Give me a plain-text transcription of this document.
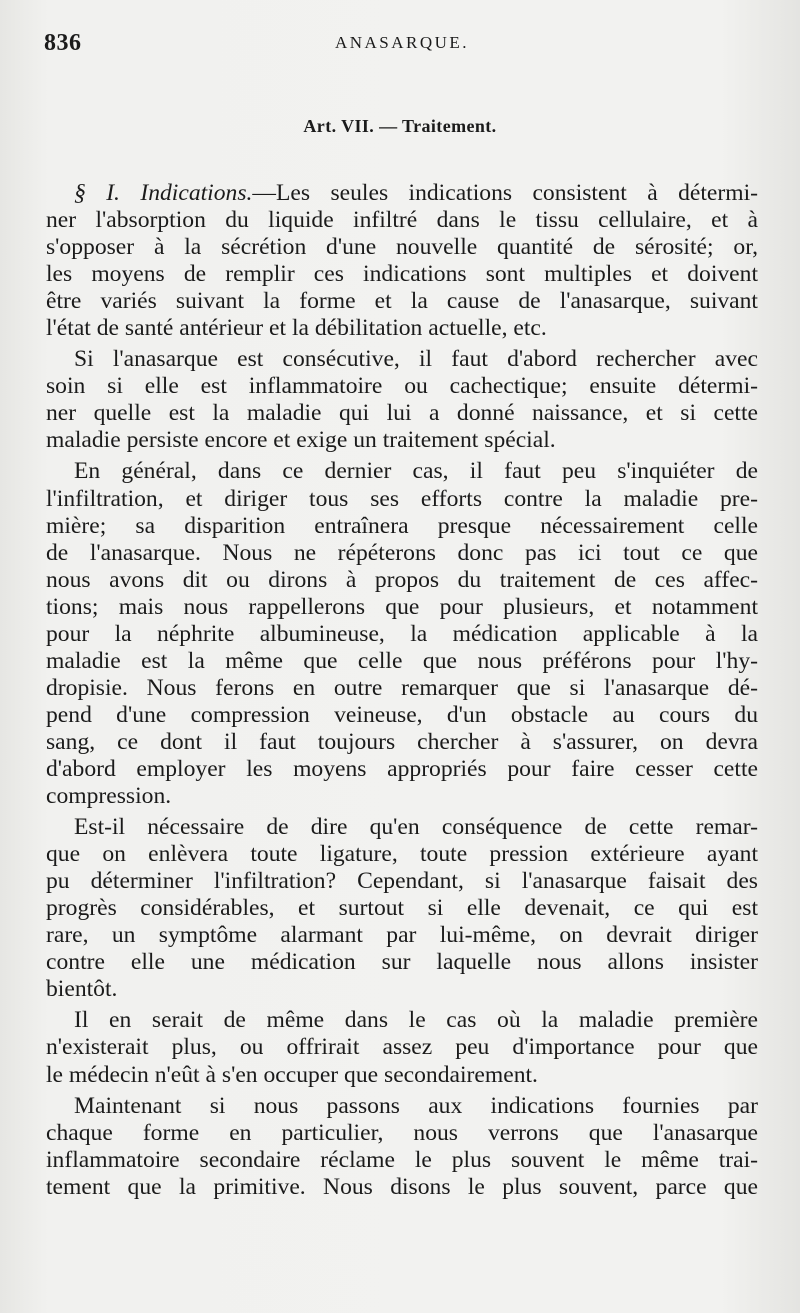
836	ANASARQUE.
Art. VII. — Traitement.
§ I. Indications.—Les seules indications consistent à détermi-
ner l'absorption du liquide infiltré dans le tissu cellulaire, et à
s'opposer à la sécrétion d'une nouvelle quantité de sérosité; or,
les moyens de remplir ces indications sont multiples et doivent
être variés suivant la forme et la cause de l'anasarque, suivant
l'état de santé antérieur et la débilitation actuelle, etc.
Si l'anasarque est consécutive, il faut d'abord rechercher avec
soin si elle est inflammatoire ou cachectique; ensuite détermi-
ner quelle est la maladie qui lui a donné naissance, et si cette
maladie persiste encore et exige un traitement spécial.
En général, dans ce dernier cas, il faut peu s'inquiéter de
l'infiltration, et diriger tous ses efforts contre la maladie pre-
mière; sa disparition entraînera presque nécessairement celle
de l'anasarque. Nous ne répéterons donc pas ici tout ce que
nous avons dit ou dirons à propos du traitement de ces affec-
tions; mais nous rappellerons que pour plusieurs, et notamment
pour la néphrite albumineuse, la médication applicable à la
maladie est la même que celle que nous préférons pour l'hy-
dropisie. Nous ferons en outre remarquer que si l'anasarque dé-
pend d'une compression veineuse, d'un obstacle au cours du
sang, ce dont il faut toujours chercher à s'assurer, on devra
d'abord employer les moyens appropriés pour faire cesser cette
compression.
Est-il nécessaire de dire qu'en conséquence de cette remar-
que on enlèvera toute ligature, toute pression extérieure ayant
pu déterminer l'infiltration? Cependant, si l'anasarque faisait des
progrès considérables, et surtout si elle devenait, ce qui est
rare, un symptôme alarmant par lui-même, on devrait diriger
contre elle une médication sur laquelle nous allons insister
bientôt.
Il en serait de même dans le cas où la maladie première
n'existerait plus, ou offrirait assez peu d'importance pour que
le médecin n'eût à s'en occuper que secondairement.
Maintenant si nous passons aux indications fournies par
chaque forme en particulier, nous verrons que l'anasarque
inflammatoire secondaire réclame le plus souvent le même trai-
tement que la primitive. Nous disons le plus souvent, parce que
